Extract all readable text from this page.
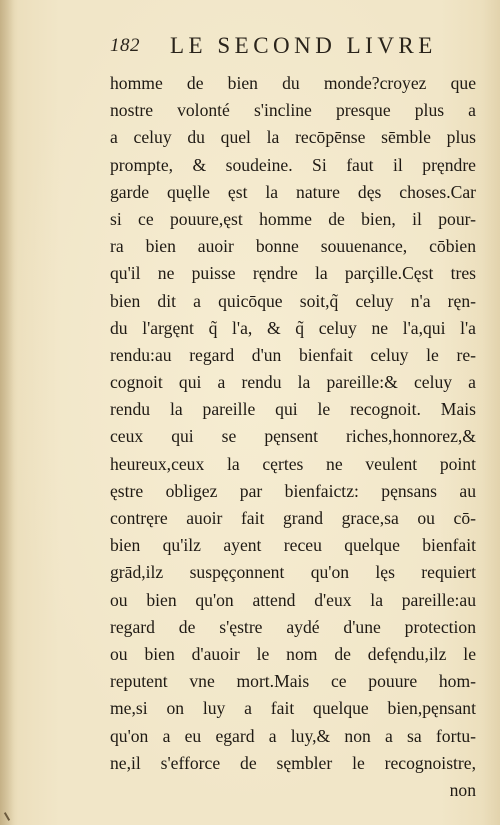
182 LE SECOND LIVRE
homme de bien du monde?croyez que
nostre volonté s'incline presque plus a
a celuy du quel la recōpēnse sēmble plus
prompte, & soudeine. Si faut il pręndre
garde quęlle ęst la nature dęs choses.Car
si ce pouure,ęst homme de bien, il pour-
ra bien auoir bonne souuenance, cōbien
qu'il ne puisse ręndre la parçille.Cęst tres
bien dit a quicōque soit,q̃ celuy n'a ręn-
du l'argęnt q̃ l'a, & q̃ celuy ne l'a,qui l'a
rendu:au regard d'un bienfait celuy le re-
cognoit qui a rendu la pareille:& celuy a
rendu la pareille qui le recognoit. Mais
ceux qui se pęnsent riches,honnorez,&
heureux,ceux la cęrtes ne veulent point
ęstre obligez par bienfaictz: pęnsans au
contręre auoir fait grand grace,sa ou cō-
bien qu'ilz ayent receu quelque bienfait
grād,ilz suspęçonnent qu'on lęs requiert
ou bien qu'on attend d'eux la pareille:au
regard de s'ęstre aydé d'une protection
ou bien d'auoir le nom de defęndu,ilz le
reputent vne mort.Mais ce pouure hom-
me,si on luy a fait quelque bien,pęnsant
qu'on a eu egard a luy,& non a sa fortu-
ne,il s'efforce de sęmbler le recognoistre,
non
